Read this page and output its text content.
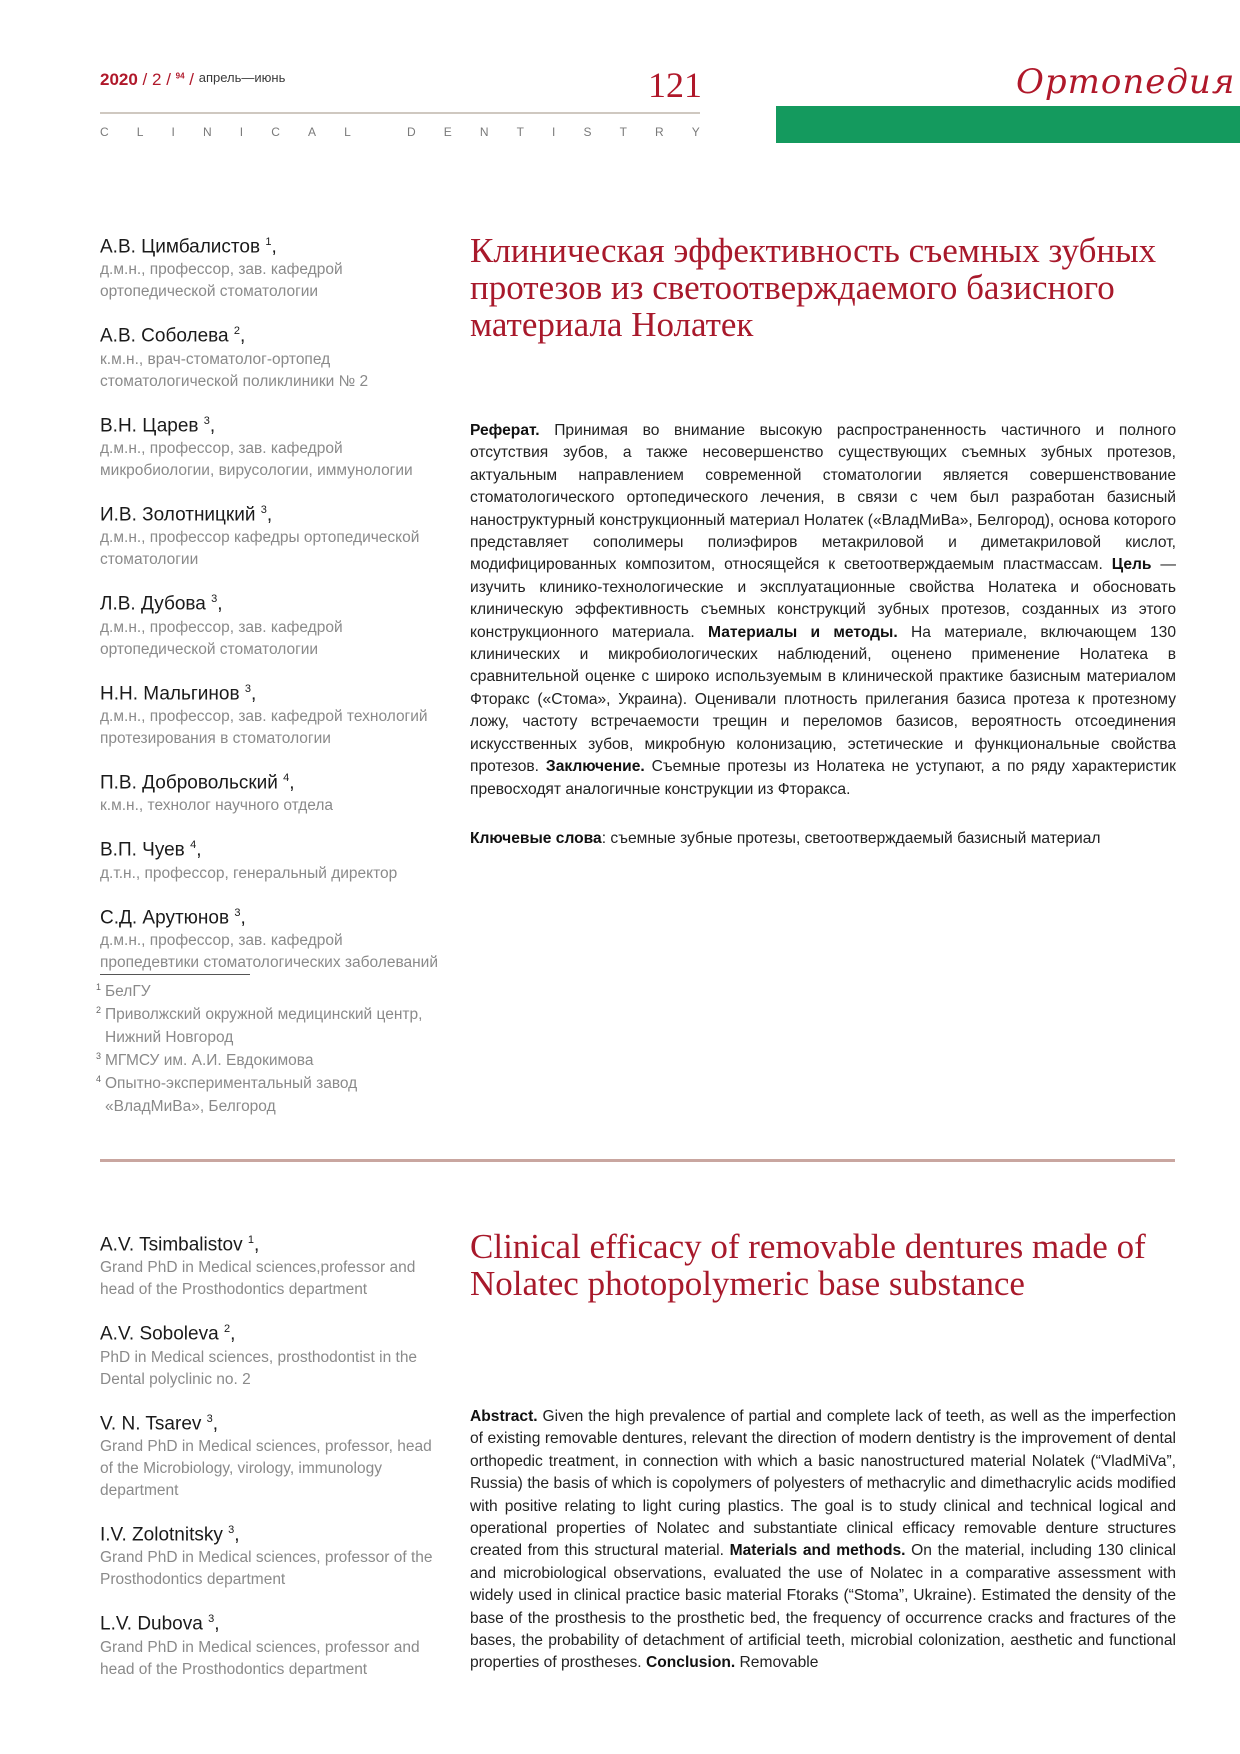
2020 / 2 / $^{94}$ / апрель—июнь	121
C L I N I C A L	D E N T I S T R Y
Ортопедия
А.В. Цимбалистов $^1$,
д.м.н., профессор, зав. кафедрой ортопедической стоматологии
А.В. Соболева $^2$,
к.м.н., врач-стоматолог-ортопед стоматологической поликлиники № 2
В.Н. Царев $^3$,
д.м.н., профессор, зав. кафедрой микробиологии, вирусологии, иммунологии
И.В. Золотницкий $^3$,
д.м.н., профессор кафедры ортопедической стоматологии
Л.В. Дубова $^3$,
д.м.н., профессор, зав. кафедрой ортопедической стоматологии
Н.Н. Мальгинов $^3$,
д.м.н., профессор, зав. кафедрой технологий протезирования в стоматологии
П.В. Добровольский $^4$,
к.м.н., технолог научного отдела
В.П. Чуев $^4$,
д.т.н., профессор, генеральный директор
С.Д. Арутюнов $^3$,
д.м.н., профессор, зав. кафедрой пропедевтики стоматологических заболеваний
1 БелГУ
2 Приволжский окружной медицинский центр, Нижний Новгород
3 МГМСУ им. А.И. Евдокимова
4 Опытно-экспериментальный завод «ВладМиВа», Белгород
Клиническая эффективность съемных зубных протезов из светоотверждаемого базисного материала Нолатек
Реферат. Принимая во внимание высокую распространенность частичного и полного отсутствия зубов, а также несовершенство существующих съемных зубных протезов, актуальным направлением современной стоматологии является совершенствование стоматологического ортопедического лечения, в связи с чем был разработан базисный наноструктурный конструкционный материал Нолатек («ВладМиВа», Белгород), основа которого представляет сополимеры полиэфиров метакриловой и диметакриловой кислот, модифицированных композитом, относящейся к светоотверждаемым пластмассам. Цель — изучить клинико-технологические и эксплуатационные свойства Нолатека и обосновать клиническую эффективность съемных конструкций зубных протезов, созданных из этого конструкционного материала. Материалы и методы. На материале, включающем 130 клинических и микробиологических наблюдений, оценено применение Нолатека в сравнительной оценке с широко используемым в клинической практике базисным материалом Фторакс («Стома», Украина). Оценивали плотность прилегания базиса протеза к протезному ложу, частоту встречаемости трещин и переломов базисов, вероятность отсоединения искусственных зубов, микробную колонизацию, эстетические и функциональные свойства протезов. Заключение. Съемные протезы из Нолатека не уступают, а по ряду характеристик превосходят аналогичные конструкции из Фторакса.
Ключевые слова: съемные зубные протезы, светоотверждаемый базисный материал
A.V. Tsimbalistov $^1$,
Grand PhD in Medical sciences,professor and head of the Prosthodontics department
A.V. Soboleva $^2$,
PhD in Medical sciences, prosthodontist in the Dental polyclinic no. 2
V. N. Tsarev $^3$,
Grand PhD in Medical sciences, professor, head of the Microbiology, virology, immunology department
I.V. Zolotnitsky $^3$,
Grand PhD in Medical sciences, professor of the Prosthodontics department
L.V. Dubova $^3$,
Grand PhD in Medical sciences, professor and head of the Prosthodontics department
Clinical efficacy of removable dentures made of Nolatec photopolymeric base substance
Abstract. Given the high prevalence of partial and complete lack of teeth, as well as the imperfection of existing removable dentures, relevant the direction of modern dentistry is the improvement of dental orthopedic treatment, in connection with which a basic nanostructured material Nolatek (“VladMiVa”, Russia) the basis of which is copolymers of polyesters of methacrylic and dimethacrylic acids modified with positive relating to light curing plastics. The goal is to study clinical and technical logical and operational properties of Nolatec and substantiate clinical efficacy removable denture structures created from this structural material. Materials and methods. On the material, including 130 clinical and microbiological observations, evaluated the use of Nolatec in a comparative assessment with widely used in clinical practice basic material Ftoraks (“Stoma”, Ukraine). Estimated the density of the base of the prosthesis to the prosthetic bed, the frequency of occurrence cracks and fractures of the bases, the probability of detachment of artificial teeth, microbial colonization, aesthetic and functional properties of prostheses. Conclusion. Removable
